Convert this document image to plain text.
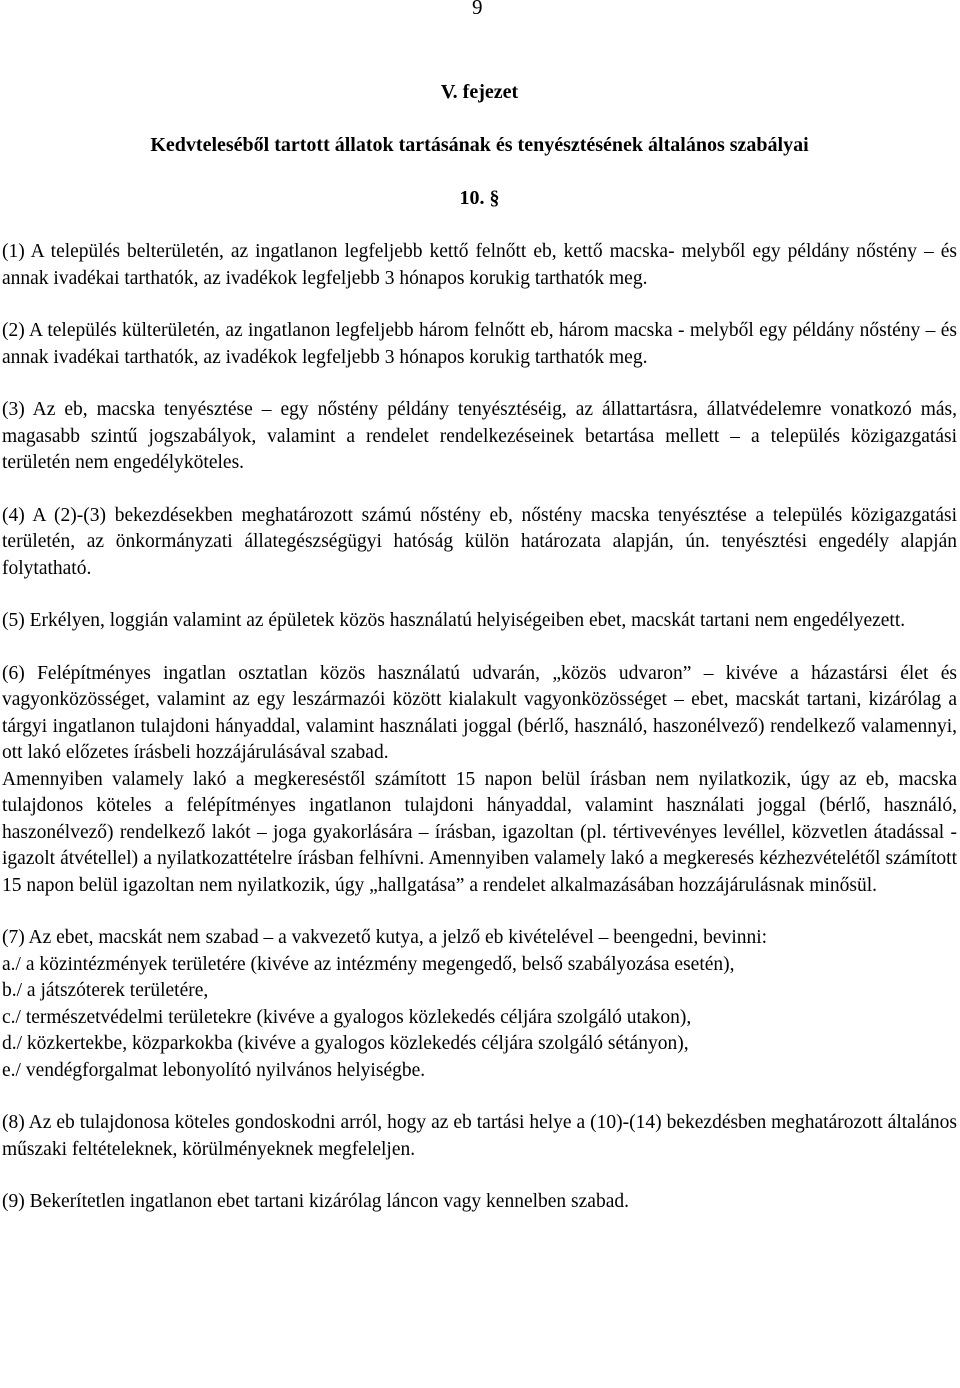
9
V. fejezet
Kedvteleséből tartott állatok tartásának és tenyésztésének általános szabályai
10. §

(1) A település belterületén, az ingatlanon legfeljebb kettő felnőtt eb, kettő macska- melyből egy példány nőstény – és annak ivadékai tarthatók, az ivadékok legfeljebb 3 hónapos korukig tarthatók meg.

(2) A település külterületén, az ingatlanon legfeljebb három felnőtt eb, három macska - melyből egy példány nőstény – és annak ivadékai tarthatók, az ivadékok legfeljebb 3 hónapos korukig tarthatók meg.

(3) Az eb, macska tenyésztése – egy nőstény példány tenyésztéséig, az állattartásra, állatvédelemre vonatkozó más, magasabb szintű jogszabályok, valamint a rendelet rendelkezéseinek betartása mellett – a település közigazgatási területén nem engedélyköteles.

(4) A (2)-(3) bekezdésekben meghatározott számú nőstény eb, nőstény macska tenyésztése a település közigazgatási területén, az önkormányzati állategészségügyi hatóság külön határozata alapján, ún. tenyésztési engedély alapján folytatható.

(5) Erkélyen, loggián valamint az épületek közös használatú helyiségeiben ebet, macskát tartani nem engedélyezett.

(6) Felépítményes ingatlan osztatlan közös használatú udvarán, „közös udvaron” – kivéve a házastársi élet és vagyonközösséget, valamint az egy leszármazói között kialakult vagyonközösséget – ebet, macskát tartani, kizárólag a tárgyi ingatlanon tulajdoni hányaddal, valamint használati joggal (bérlő, használó, haszonélvező) rendelkező valamennyi, ott lakó előzetes írásbeli hozzájárulásával szabad.

Amennyiben valamely lakó a megkereséstől számított 15 napon belül írásban nem nyilatkozik, úgy az eb, macska tulajdonos köteles a felépítményes ingatlanon tulajdoni hányaddal, valamint használati joggal (bérlő, használó, haszonélvező) rendelkező lakót – joga gyakorlására – írásban, igazoltan (pl. tértivevényes levéllel, közvetlen átadással - igazolt átvétellel) a nyilatkozattételre írásban felhívni. Amennyiben valamely lakó a megkeresés kézhezvételétől számított 15 napon belül igazoltan nem nyilatkozik, úgy „hallgatása” a rendelet alkalmazásában hozzájárulásnak minősül.

(7) Az ebet, macskát nem szabad – a vakvezető kutya, a jelző eb kivételével – beengedni, bevinni:

a./ a közintézmények területére (kivéve az intézmény megengedő, belső szabályozása esetén),
b./ a játszóterek területére,
c./ természetvédelmi területekre (kivéve a gyalogos közlekedés céljára szolgáló utakon),
d./ közkertekbe, közparkokba (kivéve a gyalogos közlekedés céljára szolgáló sétányon),
e./ vendégforgalmat lebonyolító nyilvános helyiségbe.

(8) Az eb tulajdonosa köteles gondoskodni arról, hogy az eb tartási helye a (10)-(14) bekezdésben meghatározott általános műszaki feltételeknek, körülményeknek megfeleljen.

(9) Bekerítetlen ingatlanon ebet tartani kizárólag láncon vagy kennelben szabad.
